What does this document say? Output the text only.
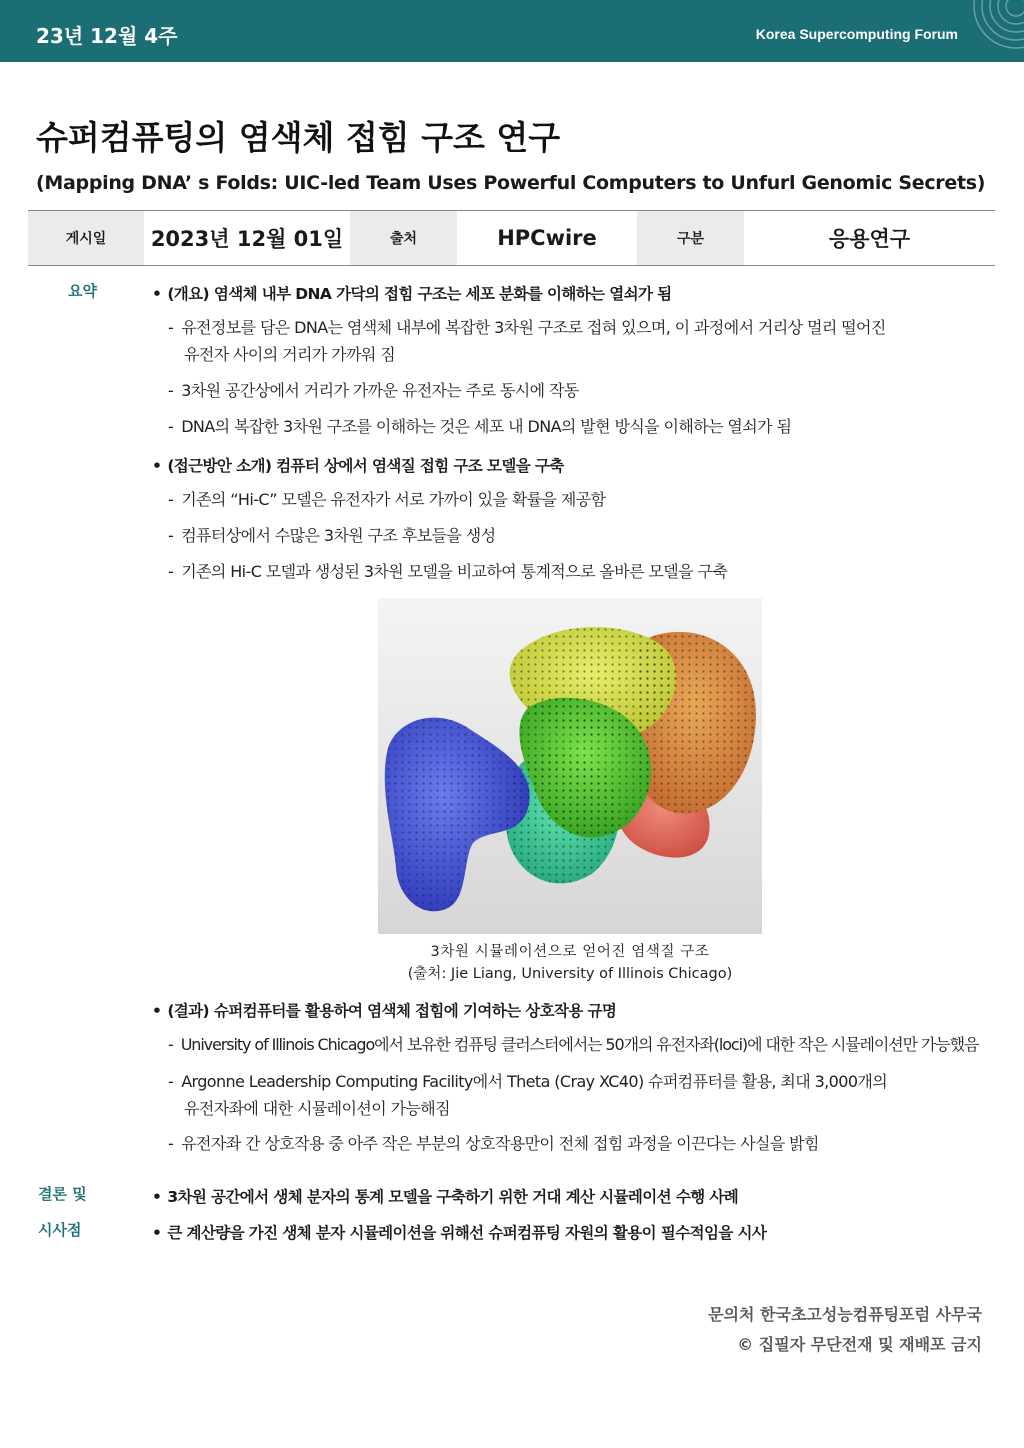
23년 12월 4주	Korea Supercomputing Forum
슈퍼컴퓨팅의 염색체 접힘 구조 연구
(Mapping DNA’ s Folds: UIC-led Team Uses Powerful Computers to Unfurl Genomic Secrets)
게시일	2023년 12월 01일	출처	HPCwire	구분	응용연구
요약
•	(개요) 염색체 내부 DNA 가닥의 접힘 구조는 세포 분화를 이해하는 열쇠가 됨
- 유전정보를 담은 DNA는 염색체 내부에 복잡한 3차원 구조로 접혀 있으며, 이 과정에서 거리상 멀리 떨어진
유전자 사이의 거리가 가까워 짐
- 3차원 공간상에서 거리가 가까운 유전자는 주로 동시에 작동
- DNA의 복잡한 3차원 구조를 이해하는 것은 세포 내 DNA의 발현 방식을 이해하는 열쇠가 됨
• (접근방안 소개) 컴퓨터 상에서 염색질 접힘 구조 모델을 구축
- 기존의 “Hi-C” 모델은 유전자가 서로 가까이 있을 확률을 제공함
- 컴퓨터상에서 수많은 3차원 구조 후보들을 생성
- 기존의 Hi-C 모델과 생성된 3차원 모델을 비교하여 통계적으로 올바른 모델을 구축
3차원 시뮬레이션으로 얻어진 염색질 구조
(출처: Jie Liang, University of Illinois Chicago)
• (결과) 슈퍼컴퓨터를 활용하여 염색체 접힘에 기여하는 상호작용 규명
- University of Illinois Chicago에서 보유한 컴퓨팅 클러스터에서는 50개의 유전자좌(loci)에 대한 작은 시뮬레이션만 가능했음
- Argonne Leadership Computing Facility에서 Theta (Cray XC40) 슈퍼컴퓨터를 활용, 최대 3,000개의
유전자좌에 대한 시뮬레이션이 가능해짐
- 유전자좌 간 상호작용 중 아주 작은 부분의 상호작용만이 전체 접힘 과정을 이끈다는 사실을 밝힘
결론 및
시사점
• 3차원 공간에서 생체 분자의 통계 모델을 구축하기 위한 거대 계산 시뮬레이션 수행 사례
• 큰 계산량을 가진 생체 분자 시뮬레이션을 위해선 슈퍼컴퓨팅 자원의 활용이 필수적임을 시사
문의처 한국초고성능컴퓨팅포럼 사무국
© 집필자 무단전재 및 재배포 금지
